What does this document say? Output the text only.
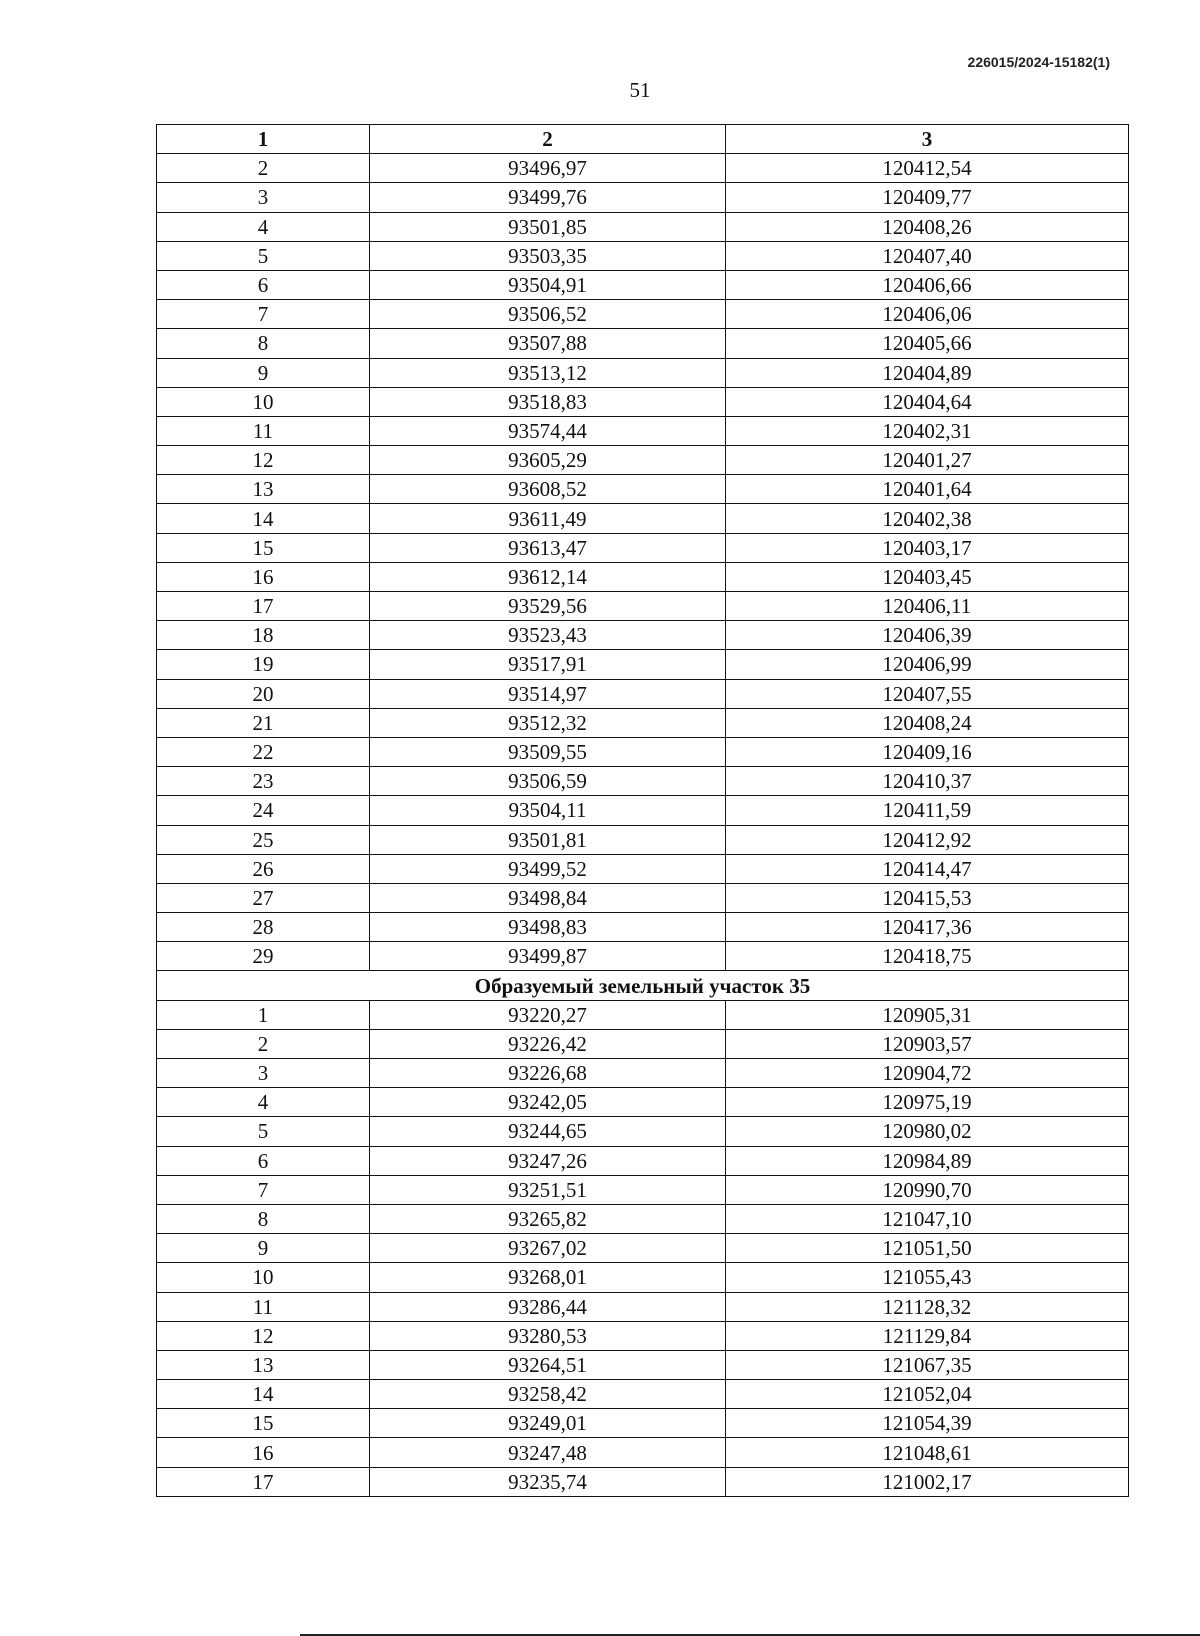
226015/2024-15182(1)
51
1	2	3
2	93496,97	120412,54
3	93499,76	120409,77
4	93501,85	120408,26
5	93503,35	120407,40
6	93504,91	120406,66
7	93506,52	120406,06
8	93507,88	120405,66
9	93513,12	120404,89
10	93518,83	120404,64
11	93574,44	120402,31
12	93605,29	120401,27
13	93608,52	120401,64
14	93611,49	120402,38
15	93613,47	120403,17
16	93612,14	120403,45
17	93529,56	120406,11
18	93523,43	120406,39
19	93517,91	120406,99
20	93514,97	120407,55
21	93512,32	120408,24
22	93509,55	120409,16
23	93506,59	120410,37
24	93504,11	120411,59
25	93501,81	120412,92
26	93499,52	120414,47
27	93498,84	120415,53
28	93498,83	120417,36
29	93499,87	120418,75
Образуемый земельный участок 35		
1	93220,27	120905,31
2	93226,42	120903,57
3	93226,68	120904,72
4	93242,05	120975,19
5	93244,65	120980,02
6	93247,26	120984,89
7	93251,51	120990,70
8	93265,82	121047,10
9	93267,02	121051,50
10	93268,01	121055,43
11	93286,44	121128,32
12	93280,53	121129,84
13	93264,51	121067,35
14	93258,42	121052,04
15	93249,01	121054,39
16	93247,48	121048,61
17	93235,74	121002,17
